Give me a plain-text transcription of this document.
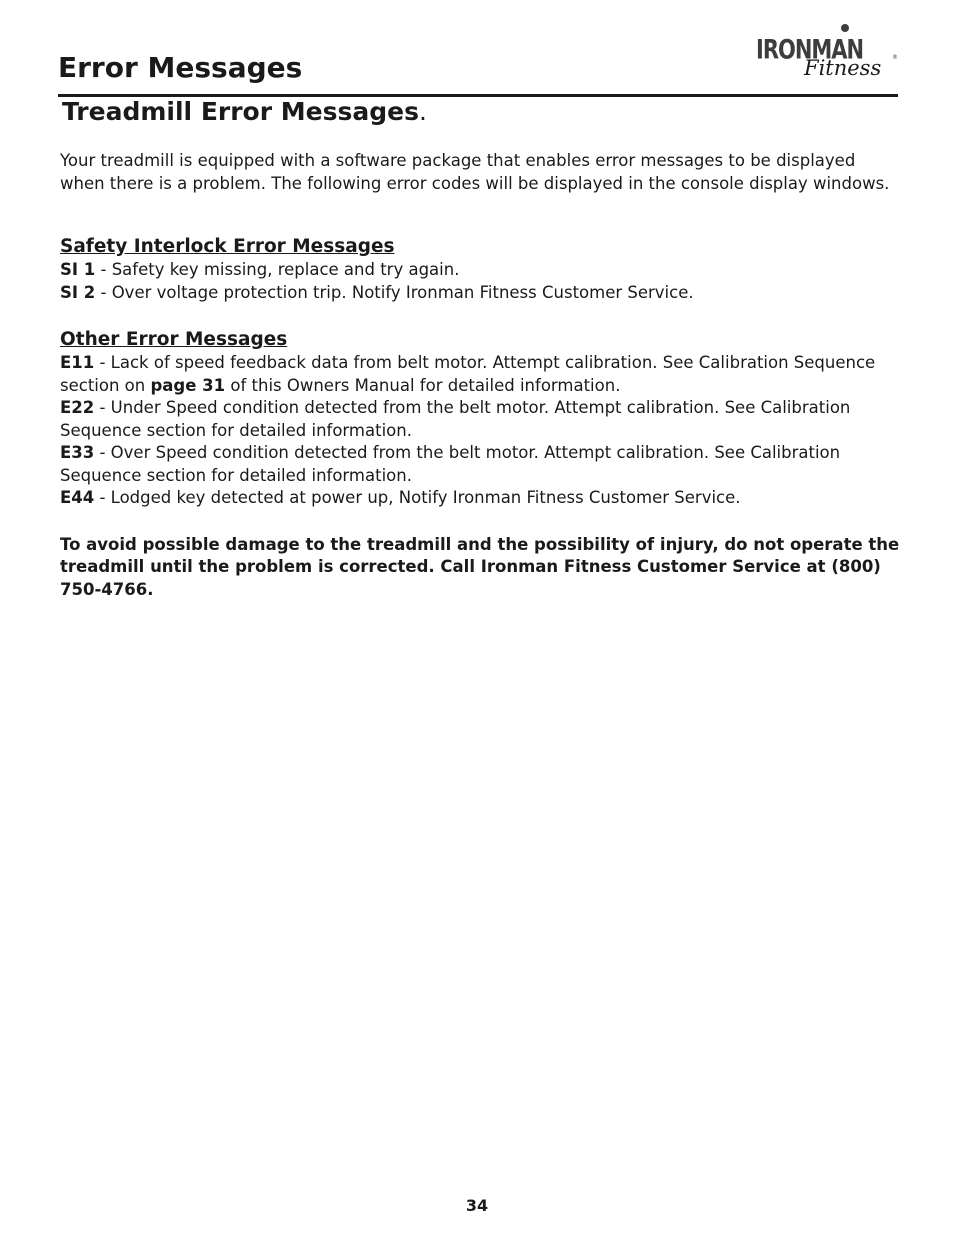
Error Messages
IRONMAN
Fitness ®
Treadmill Error Messages.

Your treadmill is equipped with a software package that enables error messages to be displayed when there is a problem. The following error codes will be displayed in the console display windows.

Safety Interlock Error Messages

SI 1 - Safety key missing, replace and try again.

SI 2 - Over voltage protection trip. Notify Ironman Fitness Customer Service.

Other Error Messages

E11 - Lack of speed feedback data from belt motor. Attempt calibration. See Calibration Sequence section on page 31 of this Owners Manual for detailed information.

E22 - Under Speed condition detected from the belt motor. Attempt calibration. See Calibration Sequence section for detailed information.

E33 - Over Speed condition detected from the belt motor. Attempt calibration. See Calibration Sequence section for detailed information.

E44 - Lodged key detected at power up, Notify Ironman Fitness Customer Service.

To avoid possible damage to the treadmill and the possibility of injury, do not operate the treadmill until the problem is corrected. Call Ironman Fitness Customer Service at (800) 750-4766.

34
